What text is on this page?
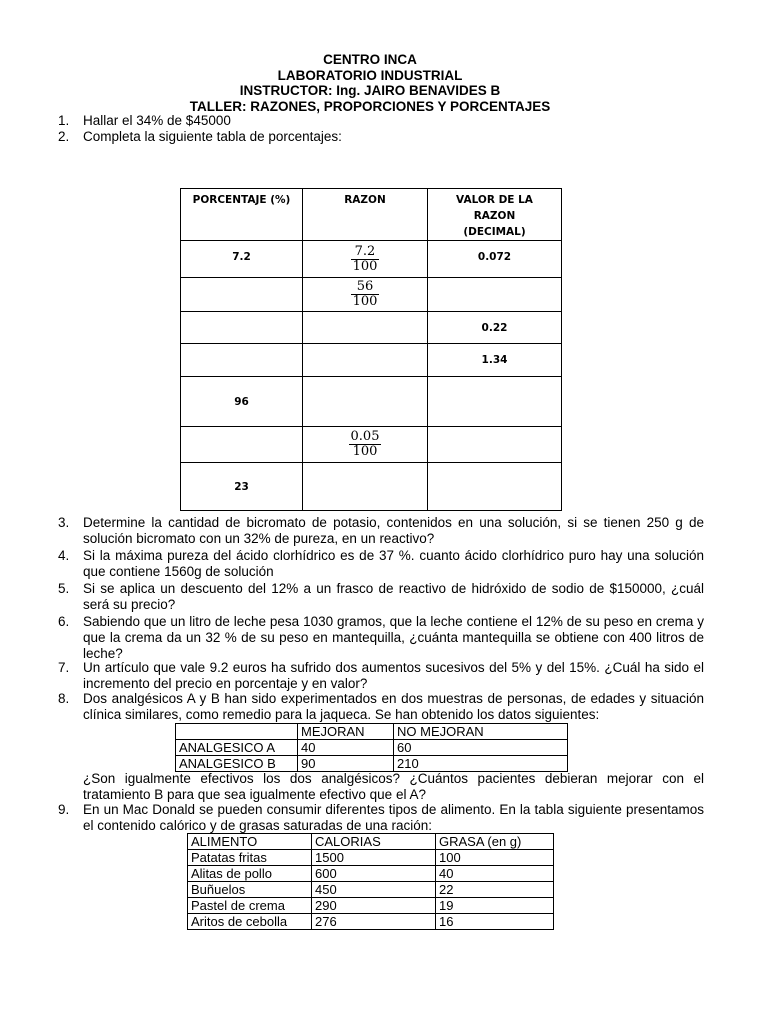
CENTRO INCA
LABORATORIO INDUSTRIAL
INSTRUCTOR: Ing. JAIRO BENAVIDES B
TALLER: RAZONES, PROPORCIONES Y PORCENTAJES
1. Hallar el 34% de $45000
2. Completa la siguiente tabla de porcentajes:
PORCENTAJE (%)	RAZON	VALOR DE LA RAZON (DECIMAL)
7.2	$\frac{7.2}{100}$	0.072

	$\frac{56}{100}$

		0.22
		1.34
96		

	$\frac{0.05}{100}$

23		
3. Determine la cantidad de bicromato de potasio, contenidos en una solución, si se tienen 250 g de solución bicromato con un 32% de pureza, en un reactivo?
4. Si la máxima pureza del ácido clorhídrico es de 37 %. cuanto ácido clorhídrico puro hay una solución que contiene 1560g de solución
5. Si se aplica un descuento del 12% a un frasco de reactivo de hidróxido de sodio de $150000, ¿cuál será su precio?
6. Sabiendo que un litro de leche pesa 1030 gramos, que la leche contiene el 12% de su peso en crema y que la crema da un 32 % de su peso en mantequilla, ¿cuánta mantequilla se obtiene con 400 litros de leche?
7. Un artículo que vale 9.2 euros ha sufrido dos aumentos sucesivos del 5% y del 15%. ¿Cuál ha sido el incremento del precio en porcentaje y en valor?
8. Dos analgésicos A y B han sido experimentados en dos muestras de personas, de edades y situación clínica similares, como remedio para la jaqueca. Se han obtenido los datos siguientes:
	MEJORAN	NO MEJORAN
ANALGESICO A	40	60
ANALGESICO B	90	210
¿Son igualmente efectivos los dos analgésicos? ¿Cuántos pacientes debieran mejorar con el tratamiento B para que sea igualmente efectivo que el A?
9. En un Mac Donald se pueden consumir diferentes tipos de alimento. En la tabla siguiente presentamos el contenido calórico y de grasas saturadas de una ración:
ALIMENTO	CALORIAS	GRASA (en g)
Patatas fritas	1500	100
Alitas de pollo	600	40
Buñuelos	450	22
Pastel de crema	290	19
Aritos de cebolla	276	16
